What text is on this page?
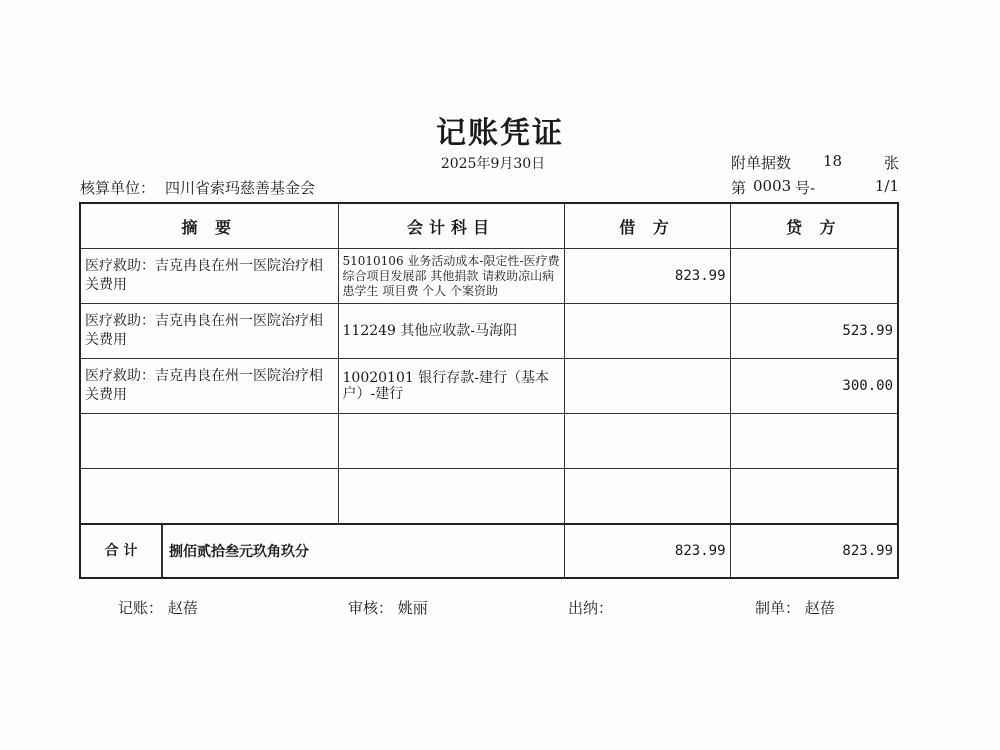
记账凭证
2025年9月30日	附单据数	18	张
核算单位： 四川省索玛慈善基金会	第 0003 号-	1/1
摘 要	会计科目	借 方	贷 方
医疗救助：吉克冉良在州一医院治疗相关费用	51010106 业务活动成本-限定性-医疗费 综合项目发展部 其他捐款 请救助凉山病患学生 项目费 个人 个案资助	823.99	
医疗救助：吉克冉良在州一医院治疗相关费用	112249 其他应收款-马海阳		523.99
医疗救助：吉克冉良在州一医院治疗相关费用	10020101 银行存款-建行（基本户）-建行		300.00

合 计 捌佰贰拾叁元玖角玖分		823.99	823.99
记账： 赵蓓	审核： 姚丽	出纳：	制单： 赵蓓
